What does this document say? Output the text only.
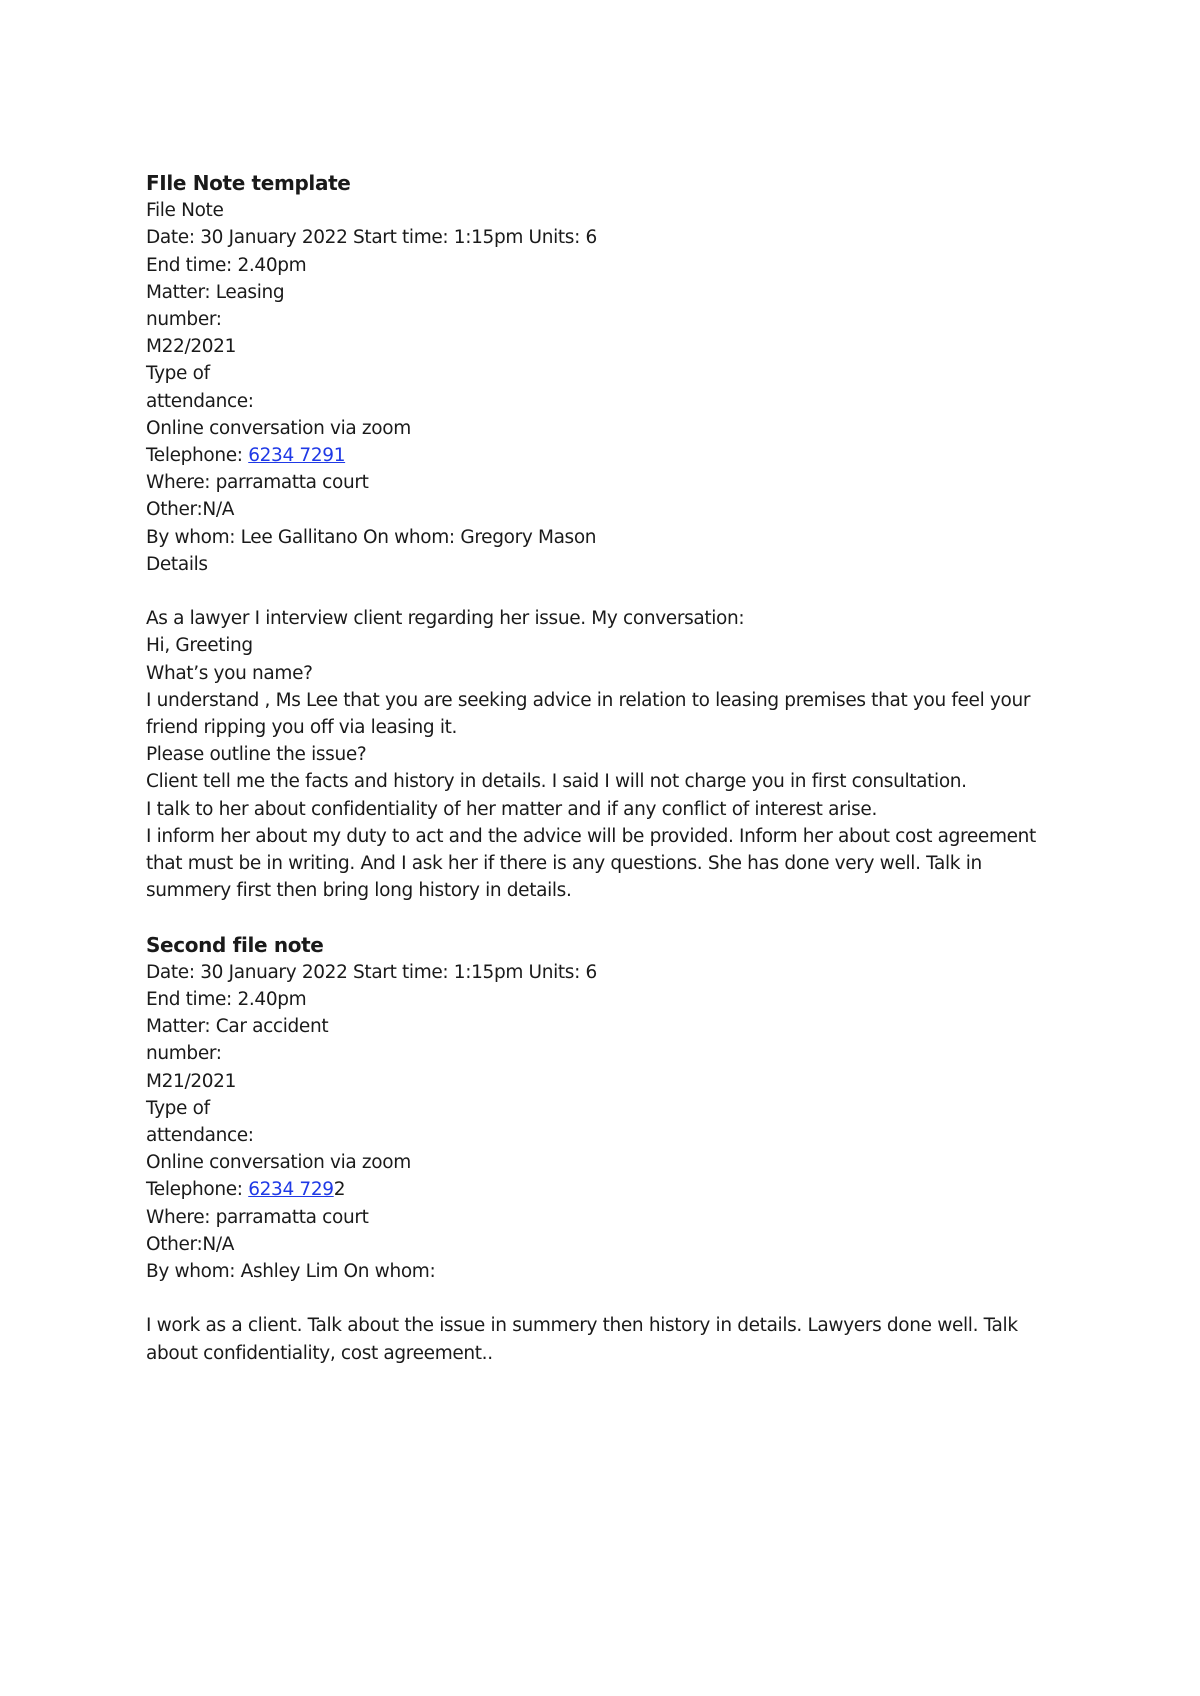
FIle Note template
File Note
Date: 30 January 2022 Start time: 1:15pm Units: 6
End time: 2.40pm
Matter: Leasing
number:
M22/2021
Type of
attendance:
Online conversation via zoom
Telephone: 6234 7291
Where: parramatta court
Other:N/A
By whom: Lee Gallitano On whom: Gregory Mason
Details
As a lawyer I interview client regarding her issue. My conversation:
Hi, Greeting
What’s you name?
I understand , Ms Lee that you are seeking advice in relation to leasing premises that you feel your friend ripping you off via leasing it.
Please outline the issue?
Client tell me the facts and history in details. I said I will not charge you in first consultation.
I talk to her about confidentiality of her matter and if any conflict of interest arise.
I inform her about my duty to act and the advice will be provided. Inform her about cost agreement that must be in writing. And I ask her if there is any questions. She has done very well. Talk in summery first then bring long history in details.
Second file note
Date: 30 January 2022 Start time: 1:15pm Units: 6
End time: 2.40pm
Matter: Car accident
number:
M21/2021
Type of
attendance:
Online conversation via zoom
Telephone: 6234 7292
Where: parramatta court
Other:N/A
By whom: Ashley Lim On whom:
I work as a client. Talk about the issue in summery then history in details. Lawyers done well. Talk about confidentiality, cost agreement..
